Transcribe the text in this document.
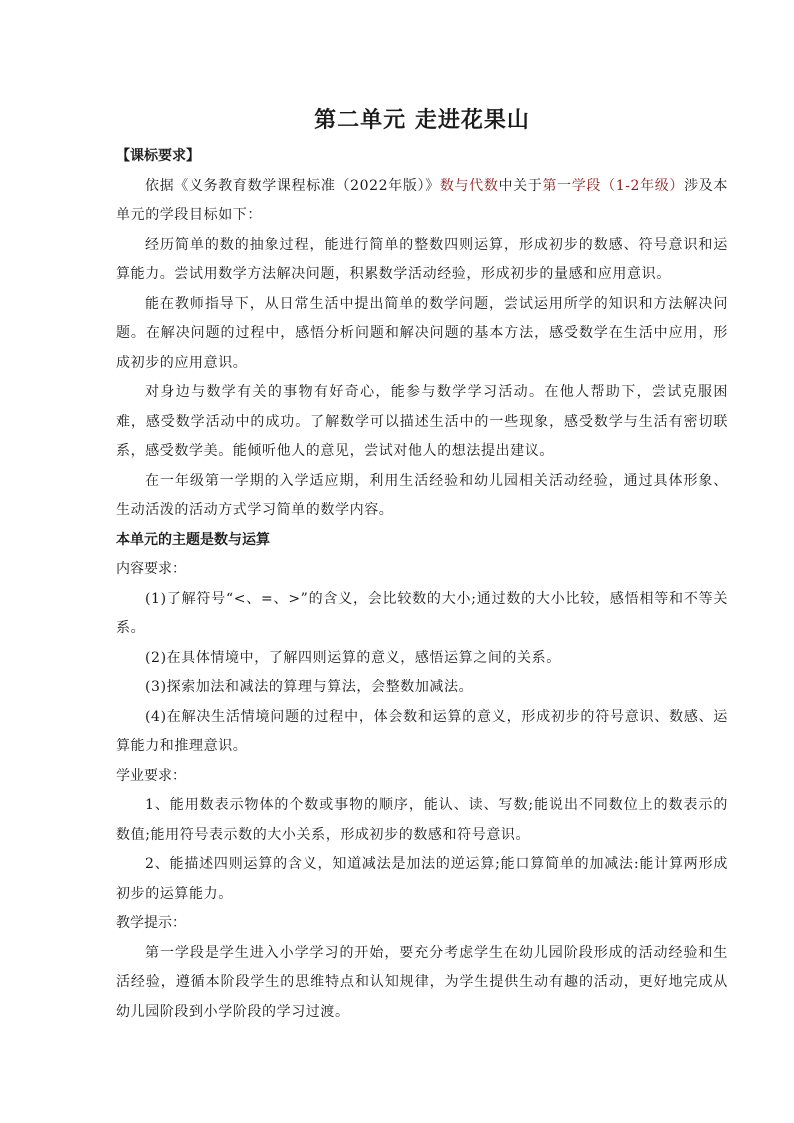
第二单元 走进花果山

【课标要求】

依据《义务教育数学课程标准（2022年版）》数与代数中关于第一学段（1-2年级）涉及本单元的学段目标如下：

经历简单的数的抽象过程，能进行简单的整数四则运算，形成初步的数感、符号意识和运算能力。尝试用数学方法解决问题，积累数学活动经验，形成初步的量感和应用意识。

能在教师指导下，从日常生活中提出简单的数学问题，尝试运用所学的知识和方法解决问题。在解决问题的过程中，感悟分析问题和解决问题的基本方法，感受数学在生活中应用，形成初步的应用意识。

对身边与数学有关的事物有好奇心，能参与数学学习活动。在他人帮助下，尝试克服困难，感受数学活动中的成功。了解数学可以描述生活中的一些现象，感受数学与生活有密切联系，感受数学美。能倾听他人的意见，尝试对他人的想法提出建议。

在一年级第一学期的入学适应期，利用生活经验和幼儿园相关活动经验，通过具体形象、生动活泼的活动方式学习简单的数学内容。

本单元的主题是数与运算

内容要求：

(1)了解符号“<、=、>”的含义，会比较数的大小;通过数的大小比较，感悟相等和不等关系。

(2)在具体情境中，了解四则运算的意义，感悟运算之间的关系。

(3)探索加法和减法的算理与算法，会整数加减法。

(4)在解决生活情境问题的过程中，体会数和运算的意义，形成初步的符号意识、数感、运算能力和推理意识。

学业要求：

1、能用数表示物体的个数或事物的顺序，能认、读、写数;能说出不同数位上的数表示的数值;能用符号表示数的大小关系，形成初步的数感和符号意识。

2、能描述四则运算的含义，知道减法是加法的逆运算;能口算简单的加减法:能计算两形成初步的运算能力。

教学提示：

第一学段是学生进入小学学习的开始，要充分考虑学生在幼儿园阶段形成的活动经验和生活经验，遵循本阶段学生的思维特点和认知规律，为学生提供生动有趣的活动，更好地完成从幼儿园阶段到小学阶段的学习过渡。
